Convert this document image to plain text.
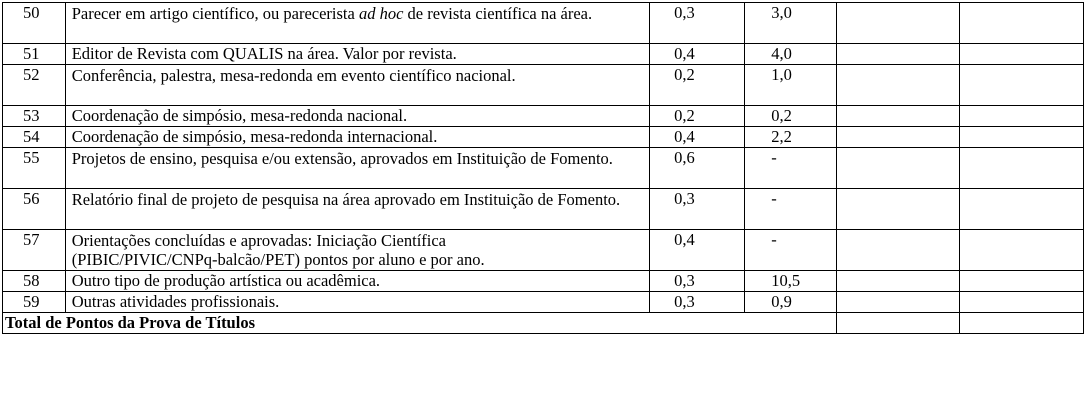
50	Parecer em artigo científico, ou parecerista ad hoc de revista científica na área.	0,3	3,0		
51	Editor de Revista com QUALIS na área. Valor por revista.	0,4	4,0		
52	Conferência, palestra, mesa-redonda em evento científico nacional.	0,2	1,0		
53	Coordenação de simpósio, mesa-redonda nacional.	0,2	0,2		
54	Coordenação de simpósio, mesa-redonda internacional.	0,4	2,2		
55	Projetos de ensino, pesquisa e/ou extensão, aprovados em Instituição de Fomento.	0,6	-		
56	Relatório final de projeto de pesquisa na área aprovado em Instituição de Fomento.	0,3	-		
57	Orientações concluídas e aprovadas: Iniciação Científica
(PIBIC/PIVIC/CNPq-balcão/PET) pontos por aluno e por ano.	0,4	-		
58	Outro tipo de produção artística ou acadêmica.	0,3	10,5		
59	Outras atividades profissionais.	0,3	0,9		
Total de Pontos da Prova de Títulos					
